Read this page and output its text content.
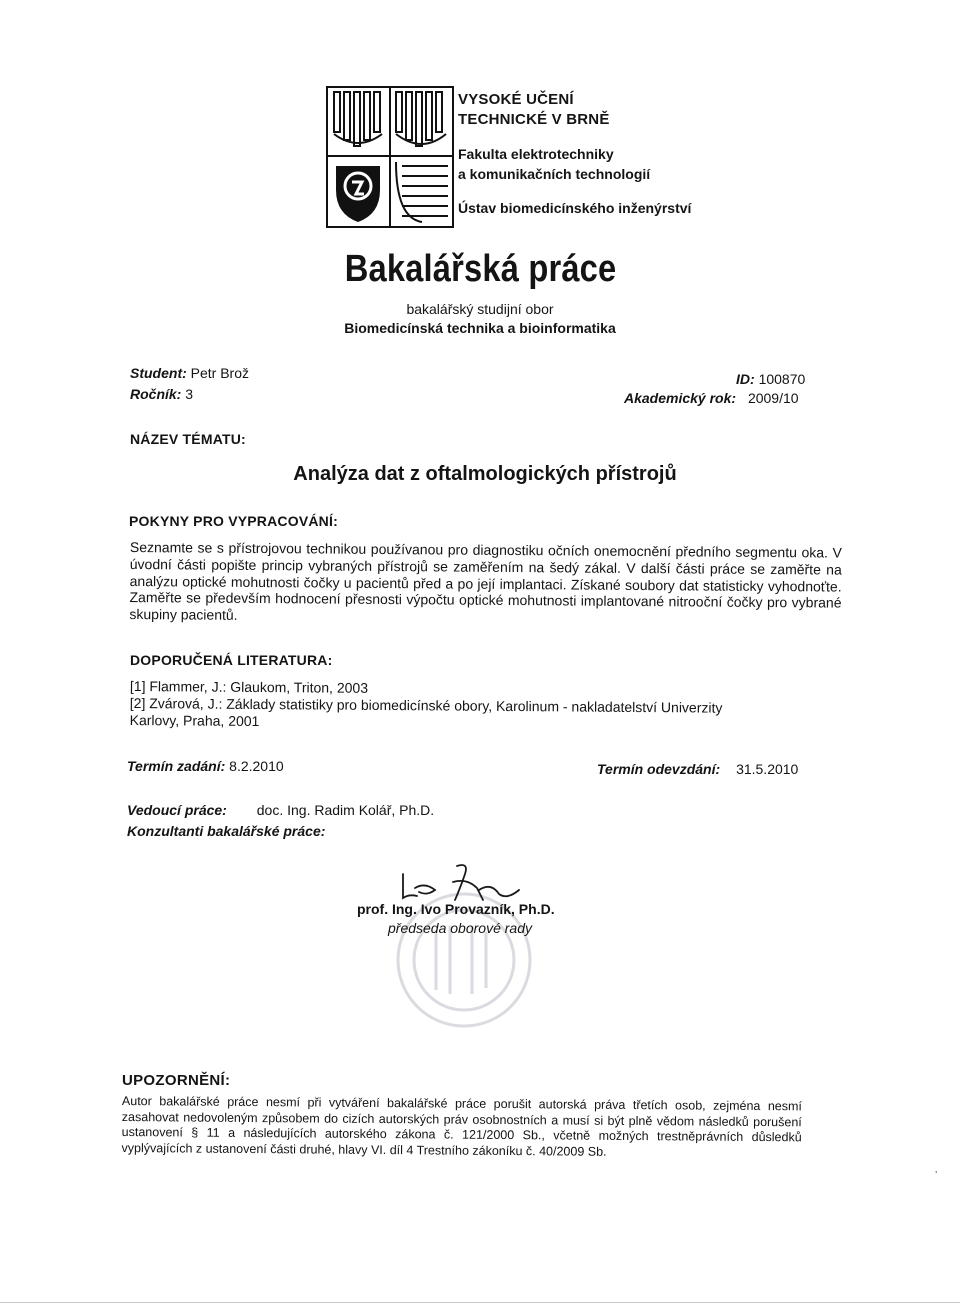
VYSOKÉ UČENÍ
TECHNICKÉ V BRNĚ
Fakulta elektrotechniky
a komunikačních technologií
Ústav biomedicínského inženýrství
Bakalářská práce
bakalářský studijní obor
Biomedicínská technika a bioinformatika
Student: Petr Brož
Ročník: 3
ID: 100870
Akademický rok: 2009/10
NÁZEV TÉMATU:
Analýza dat z oftalmologických přístrojů
POKYNY PRO VYPRACOVÁNÍ:
Seznamte se s přístrojovou technikou používanou pro diagnostiku očních onemocnění předního segmentu oka. V úvodní části popište princip vybraných přístrojů se zaměřením na šedý zákal. V další části práce se zaměřte na analýzu optické mohutnosti čočky u pacientů před a po její implantaci. Získané soubory dat statisticky vyhodnoťte. Zaměřte se především hodnocení přesnosti výpočtu optické mohutnosti implantované nitrooční čočky pro vybrané skupiny pacientů.
DOPORUČENÁ LITERATURA:
[1] Flammer, J.: Glaukom, Triton, 2003
[2] Zvárová, J.: Základy statistiky pro biomedicínské obory, Karolinum - nakladatelství Univerzity
Karlovy, Praha, 2001
Termín zadání: 8.2.2010	Termín odevzdání: 31.5.2010
Vedoucí práce: doc. Ing. Radim Kolář, Ph.D.
Konzultanti bakalářské práce:
prof. Ing. Ivo Provazník, Ph.D.
předseda oborové rady
UPOZORNĚNÍ:
Autor bakalářské práce nesmí při vytváření bakalářské práce porušit autorská práva třetích osob, zejména nesmí zasahovat nedovoleným způsobem do cizích autorských práv osobnostních a musí si být plně vědom následků porušení ustanovení § 11 a následujících autorského zákona č. 121/2000 Sb., včetně možných trestněprávních důsledků vyplývajících z ustanovení části druhé, hlavy VI. díl 4 Trestního zákoníku č. 40/2009 Sb.
’
